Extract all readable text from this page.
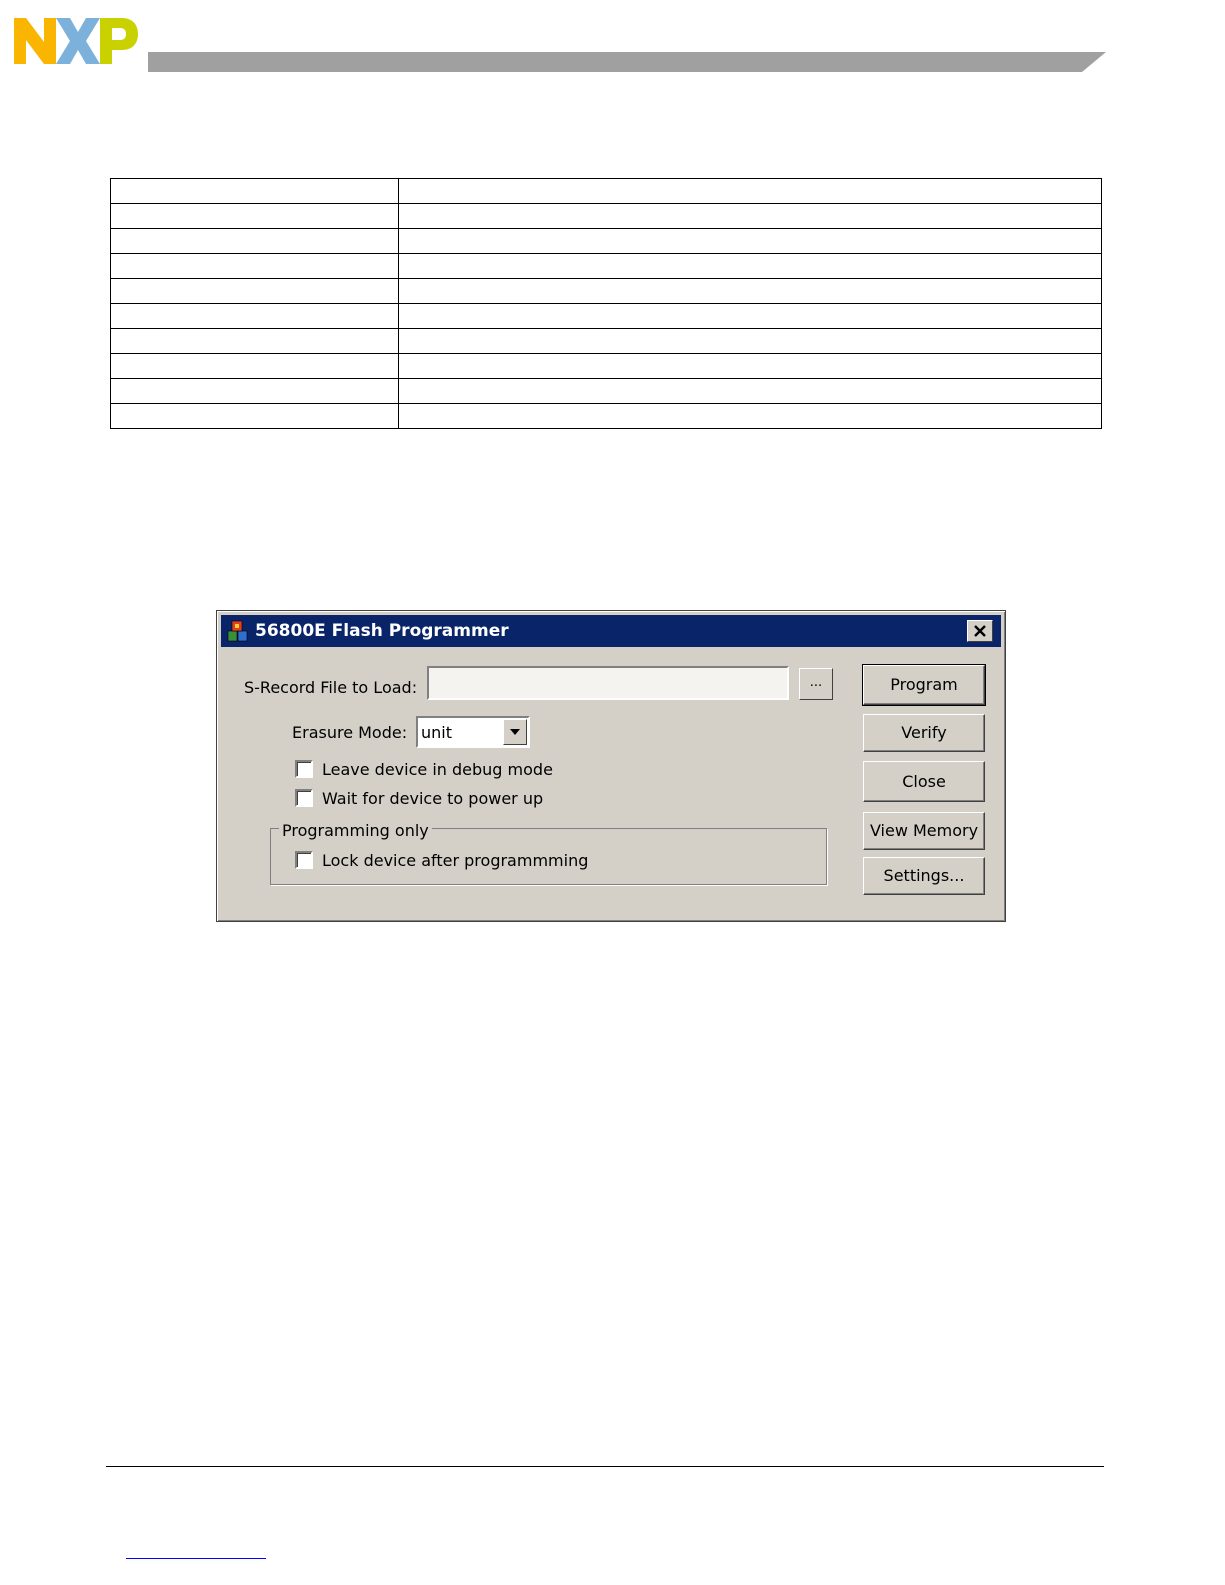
56800E Flash Programmer
S-Record File to Load:	...
Erasure Mode: unit
Leave device in debug mode
Wait for device to power up
Programming only
Lock device after programmming
Program
Verify
Close
View Memory
Settings...
